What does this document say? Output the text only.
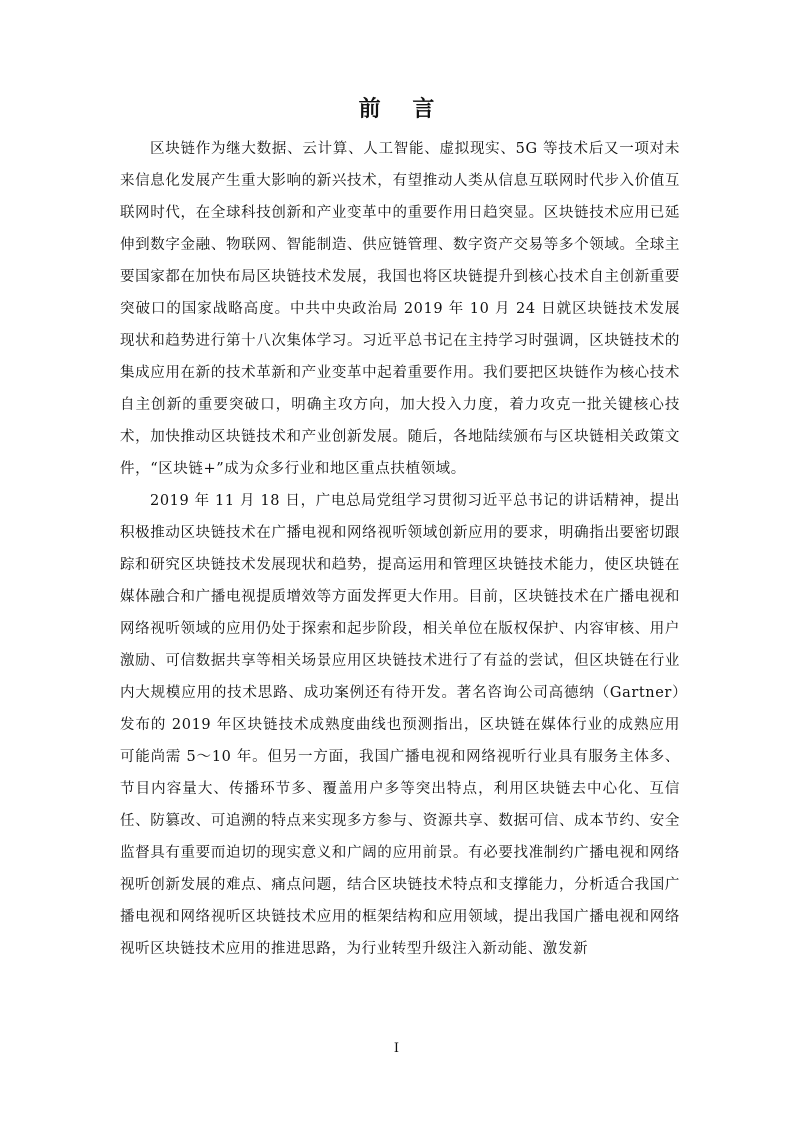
前 言

区块链作为继大数据、云计算、人工智能、虚拟现实、5G 等技术后又一项对未来信息化发展产生重大影响的新兴技术，有望推动人类从信息互联网时代步入价值互联网时代，在全球科技创新和产业变革中的重要作用日趋突显。区块链技术应用已延伸到数字金融、物联网、智能制造、供应链管理、数字资产交易等多个领域。全球主要国家都在加快布局区块链技术发展，我国也将区块链提升到核心技术自主创新重要突破口的国家战略高度。中共中央政治局 2019 年 10 月 24 日就区块链技术发展现状和趋势进行第十八次集体学习。习近平总书记在主持学习时强调，区块链技术的集成应用在新的技术革新和产业变革中起着重要作用。我们要把区块链作为核心技术自主创新的重要突破口，明确主攻方向，加大投入力度，着力攻克一批关键核心技术，加快推动区块链技术和产业创新发展。随后，各地陆续颁布与区块链相关政策文件，“区块链+”成为众多行业和地区重点扶植领域。

2019 年 11 月 18 日，广电总局党组学习贯彻习近平总书记的讲话精神，提出积极推动区块链技术在广播电视和网络视听领域创新应用的要求，明确指出要密切跟踪和研究区块链技术发展现状和趋势，提高运用和管理区块链技术能力，使区块链在媒体融合和广播电视提质增效等方面发挥更大作用。目前，区块链技术在广播电视和网络视听领域的应用仍处于探索和起步阶段，相关单位在版权保护、内容审核、用户激励、可信数据共享等相关场景应用区块链技术进行了有益的尝试，但区块链在行业内大规模应用的技术思路、成功案例还有待开发。著名咨询公司高德纳（Gartner）发布的 2019 年区块链技术成熟度曲线也预测指出，区块链在媒体行业的成熟应用可能尚需 5～10 年。但另一方面，我国广播电视和网络视听行业具有服务主体多、节目内容量大、传播环节多、覆盖用户多等突出特点，利用区块链去中心化、互信任、防篡改、可追溯的特点来实现多方参与、资源共享、数据可信、成本节约、安全监督具有重要而迫切的现实意义和广阔的应用前景。有必要找准制约广播电视和网络视听创新发展的难点、痛点问题，结合区块链技术特点和支撑能力，分析适合我国广播电视和网络视听区块链技术应用的框架结构和应用领域，提出我国广播电视和网络视听区块链技术应用的推进思路，为行业转型升级注入新动能、激发新

I
